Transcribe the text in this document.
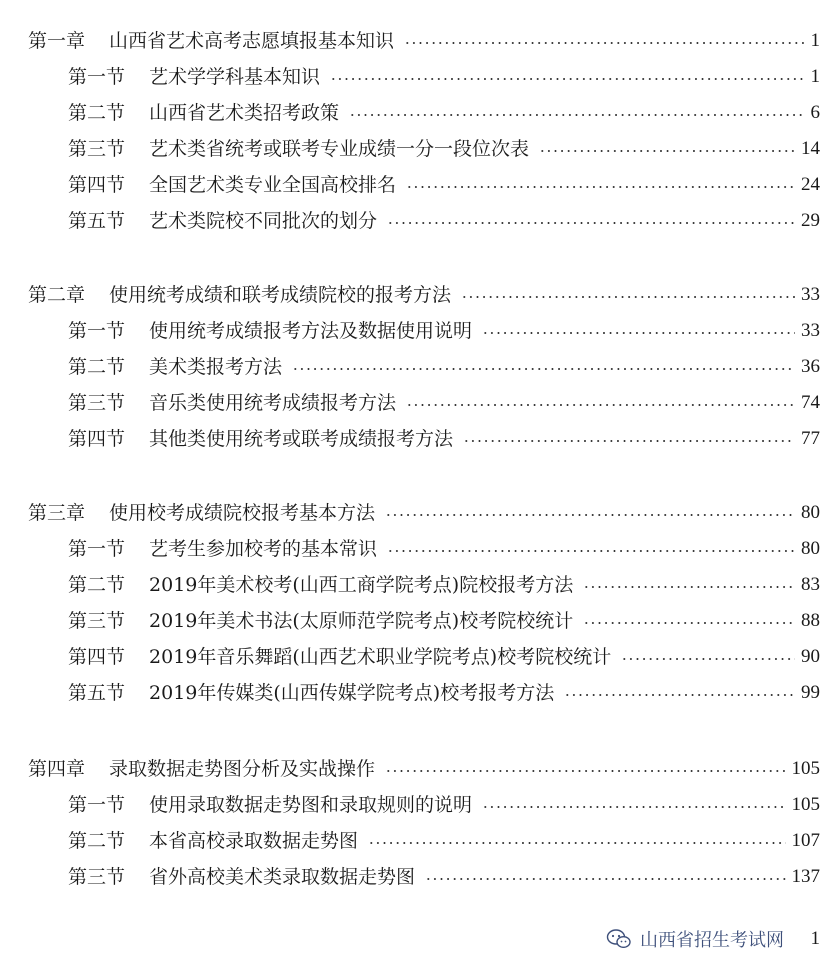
第一章 山西省艺术高考志愿填报基本知识	1
第一节 艺术学学科基本知识	1
第二节 山西省艺术类招考政策	6
第三节 艺术类省统考或联考专业成绩一分一段位次表	14
第四节 全国艺术类专业全国高校排名	24
第五节 艺术类院校不同批次的划分	29
第二章 使用统考成绩和联考成绩院校的报考方法	33
第一节 使用统考成绩报考方法及数据使用说明	33
第二节 美术类报考方法	36
第三节 音乐类使用统考成绩报考方法	74
第四节 其他类使用统考或联考成绩报考方法	77
第三章 使用校考成绩院校报考基本方法	80
第一节 艺考生参加校考的基本常识	80
第二节 2019年美术校考(山西工商学院考点)院校报考方法	83
第三节 2019年美术书法(太原师范学院考点)校考院校统计	88
第四节 2019年音乐舞蹈(山西艺术职业学院考点)校考院校统计	90
第五节 2019年传媒类(山西传媒学院考点)校考报考方法	99
第四章 录取数据走势图分析及实战操作	105
第一节 使用录取数据走势图和录取规则的说明	105
第二节 本省高校录取数据走势图	107
第三节 省外高校美术类录取数据走势图	137
山西省招生考试网 1
